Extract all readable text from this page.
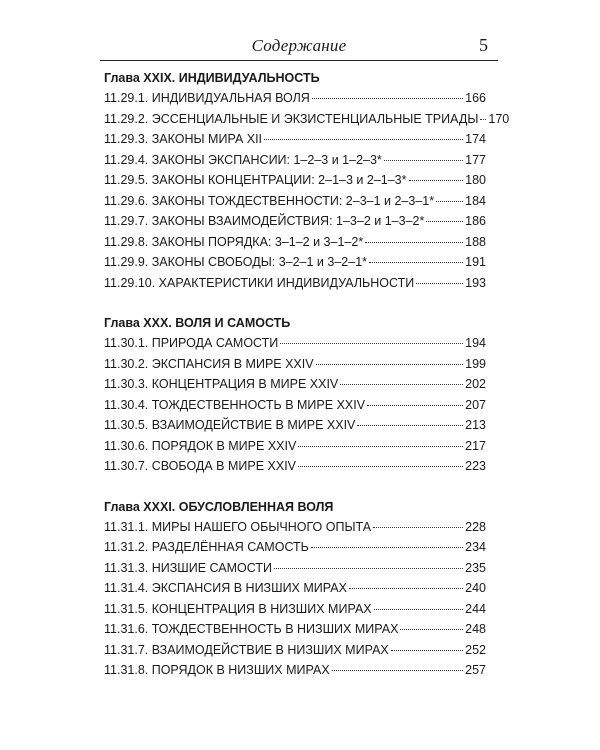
Содержание	5
Глава XXIX. ИНДИВИДУАЛЬНОСТЬ
11.29.1. ИНДИВИДУАЛЬНАЯ ВОЛЯ	166
11.29.2. ЭССЕНЦИАЛЬНЫЕ И ЭКЗИСТЕНЦИАЛЬНЫЕ ТРИАДЫ 170
11.29.3. ЗАКОНЫ МИРА XII	174
11.29.4. ЗАКОНЫ ЭКСПАНСИИ: 1–2–3 и 1–2–3*	177
11.29.5. ЗАКОНЫ КОНЦЕНТРАЦИИ: 2–1–3 и 2–1–3*	180
11.29.6. ЗАКОНЫ ТОЖДЕСТВЕННОСТИ: 2–3–1 и 2–3–1* 184
11.29.7. ЗАКОНЫ ВЗАИМОДЕЙСТВИЯ: 1–3–2 и 1–3–2*	186
11.29.8. ЗАКОНЫ ПОРЯДКА: 3–1–2 и 3–1–2*	188
11.29.9. ЗАКОНЫ СВОБОДЫ: 3–2–1 и 3–2–1*	191
11.29.10. ХАРАКТЕРИСТИКИ ИНДИВИДУАЛЬНОСТИ	193
Глава XXX. ВОЛЯ И САМОСТЬ
11.30.1. ПРИРОДА САМОСТИ	194
11.30.2. ЭКСПАНСИЯ В МИРЕ XXIV	199
11.30.3. КОНЦЕНТРАЦИЯ В МИРЕ XXIV	202
11.30.4. ТОЖДЕСТВЕННОСТЬ В МИРЕ XXIV	207
11.30.5. ВЗАИМОДЕЙСТВИЕ В МИРЕ XXIV	213
11.30.6. ПОРЯДОК В МИРЕ XXIV	217
11.30.7. СВОБОДА В МИРЕ XXIV	223
Глава XXXI. ОБУСЛОВЛЕННАЯ ВОЛЯ
11.31.1. МИРЫ НАШЕГО ОБЫЧНОГО ОПЫТА	228
11.31.2. РАЗДЕЛЁННАЯ САМОСТЬ	234
11.31.3. НИЗШИЕ САМОСТИ	235
11.31.4. ЭКСПАНСИЯ В НИЗШИХ МИРАХ	240
11.31.5. КОНЦЕНТРАЦИЯ В НИЗШИХ МИРАХ	244
11.31.6. ТОЖДЕСТВЕННОСТЬ В НИЗШИХ МИРАХ	248
11.31.7. ВЗАИМОДЕЙСТВИЕ В НИЗШИХ МИРАХ	252
11.31.8. ПОРЯДОК В НИЗШИХ МИРАХ	257
